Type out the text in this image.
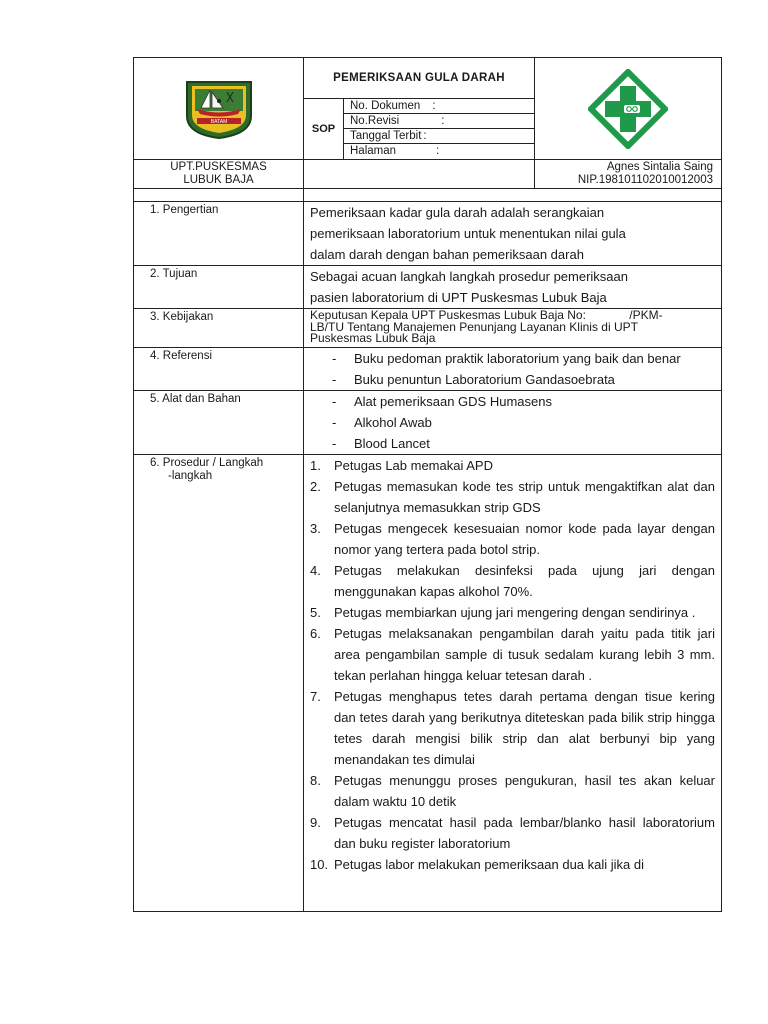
BATAM
	PEMERIKSAAN GULA DARAH	

SOP	
No. Dokumen :
No.Revisi	:
Tanggal Terbit :
Halaman	:

UPT.PUSKESMAS
LUBUK BAJA

Agnes Sintalia Saing
NIP.198101102010012003

1. Pengertian	Pemeriksaan kadar gula darah adalah serangkaian
pemeriksaan laboratorium untuk menentukan nilai gula
dalam darah dengan bahan pemeriksaan darah

2. Tujuan	Sebagai acuan langkah langkah prosedur pemeriksaan
pasien laboratorium di UPT Puskesmas Lubuk Baja

3. Kebijakan	Keputusan Kepala UPT Puskesmas Lubuk Baja No:             /PKM-
LB/TU Tentang Manajemen Penunjang Layanan Klinis di UPT
Puskesmas Lubuk Baja

4. Referensi	- Buku pedoman praktik laboratorium yang baik dan benar
- Buku penuntun Laboratorium Gandasoebrata

5. Alat dan Bahan	- Alat pemeriksaan GDS Humasens
- Alkohol Awab
- Blood Lancet

6. Prosedur / Langkah
-langkah

1. Petugas Lab memakai APD
2. Petugas memasukan kode tes strip untuk mengaktifkan alat dan selanjutnya memasukkan strip GDS
3. Petugas mengecek kesesuaian nomor kode pada layar dengan nomor yang tertera pada botol strip.
4. Petugas melakukan desinfeksi pada ujung jari dengan menggunakan kapas alkohol 70%.
5. Petugas membiarkan ujung jari mengering dengan sendirinya .
6. Petugas melaksanakan pengambilan darah yaitu pada titik jari area pengambilan sample di tusuk sedalam kurang lebih 3 mm. tekan perlahan hingga keluar tetesan darah .
7. Petugas menghapus tetes darah pertama dengan tisue kering dan tetes darah yang berikutnya diteteskan pada bilik strip hingga tetes darah mengisi bilik strip dan alat berbunyi bip yang menandakan tes dimulai
8. Petugas menunggu proses pengukuran, hasil tes akan keluar dalam waktu 10 detik
9. Petugas mencatat hasil pada lembar/blanko hasil laboratorium dan buku register laboratorium
10. Petugas labor melakukan pemeriksaan dua kali jika di
